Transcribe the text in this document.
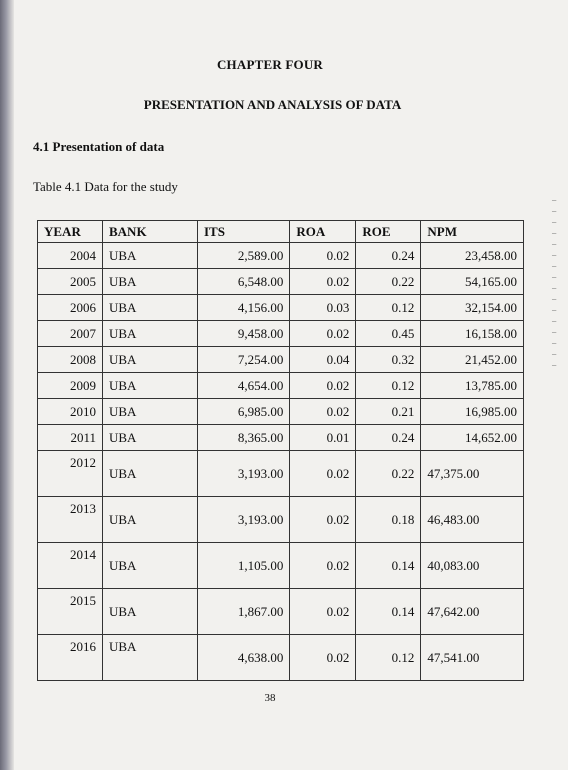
CHAPTER FOUR
PRESENTATION AND ANALYSIS OF DATA
4.1 Presentation of data
Table 4.1 Data for the study
YEAR	BANK	ITS	ROA	ROE	NPM
2004	UBA	2,589.00	0.02	0.24	23,458.00
2005	UBA	6,548.00	0.02	0.22	54,165.00
2006	UBA	4,156.00	0.03	0.12	32,154.00
2007	UBA	9,458.00	0.02	0.45	16,158.00
2008	UBA	7,254.00	0.04	0.32	21,452.00
2009	UBA	4,654.00	0.02	0.12	13,785.00
2010	UBA	6,985.00	0.02	0.21	16,985.00
2011	UBA	8,365.00	0.01	0.24	14,652.00
2012	UBA	3,193.00	0.02	0.22	47,375.00
2013	UBA	3,193.00	0.02	0.18	46,483.00
2014	UBA	1,105.00	0.02	0.14	40,083.00
2015	UBA	1,867.00	0.02	0.14	47,642.00
2016	UBA	4,638.00	0.02	0.12	47,541.00
─
─
─
─
─
─
─
─
─
─
─
─
─
─
─
─
38
